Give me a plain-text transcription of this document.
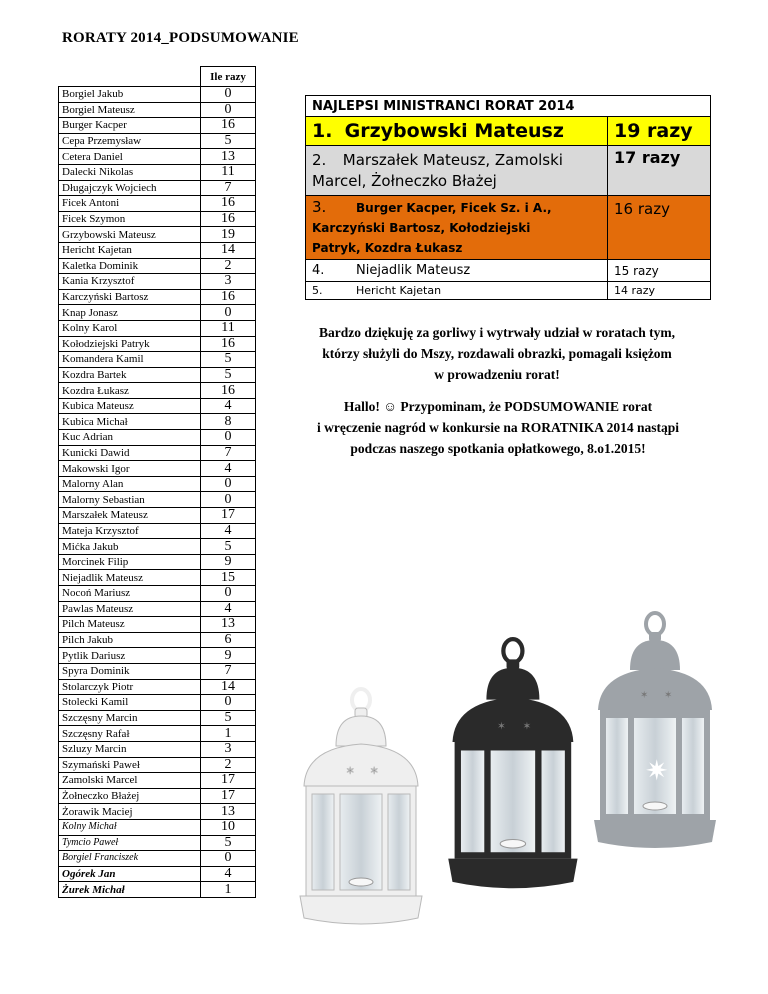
RORATY 2014_PODSUMOWANIE
	Ile razy
Borgiel Jakub	0
Borgiel Mateusz	0
Burger Kacper	16
Cepa Przemysław	5
Cetera Daniel	13
Dalecki Nikolas	11
Długajczyk Wojciech	7
Ficek Antoni	16
Ficek Szymon	16
Grzybowski Mateusz	19
Hericht Kajetan	14
Kaletka Dominik	2
Kania Krzysztof	3
Karczyński Bartosz	16
Knap Jonasz	0
Kolny Karol	11
Kołodziejski Patryk	16
Komandera Kamil	5
Kozdra Bartek	5
Kozdra Łukasz	16
Kubica Mateusz	4
Kubica Michał	8
Kuc Adrian	0
Kunicki Dawid	7
Makowski Igor	4
Malorny Alan	0
Malorny Sebastian	0
Marszałek Mateusz	17
Mateja Krzysztof	4
Mićka Jakub	5
Morcinek Filip	9
Niejadlik Mateusz	15
Nocoń Mariusz	0
Pawlas Mateusz	4
Pilch Mateusz	13
Pilch Jakub	6
Pytlik Dariusz	9
Spyra Dominik	7
Stolarczyk Piotr	14
Stolecki Kamil	0
Szczęsny Marcin	5
Szczęsny Rafał	1
Szluzy Marcin	3
Szymański Paweł	2
Zamolski Marcel	17
Żołneczko Błażej	17
Żorawik Maciej	13
Kolny Michał	10
Tymcio Paweł	5
Borgiel Franciszek	0
Ogórek Jan	4
Żurek Michał	1
NAJLEPSI MINISTRANCI RORAT 2014	
1. Grzybowski Mateusz	19 razy
2. Marszałek Mateusz, Zamolski
Marcel, Żołneczko Błażej	17 razy
3. Burger Kacper, Ficek Sz. i A.,
Karczyński Bartosz, Kołodziejski
Patryk, Kozdra Łukasz	16 razy
4. Niejadlik Mateusz	15 razy
5. Hericht Kajetan	14 razy
Bardzo dziękuję za gorliwy i wytrwały udział w roratach tym,
którzy służyli do Mszy, rozdawali obrazki, pomagali księżom
w prowadzeniu rorat!
Hallo! ☺ Przypominam, że PODSUMOWANIE rorat
i wręczenie nagród w konkursie na RORATNIKA 2014 nastąpi
podczas naszego spotkania opłatkowego, 8.o1.2015!
✶	✶
✷
